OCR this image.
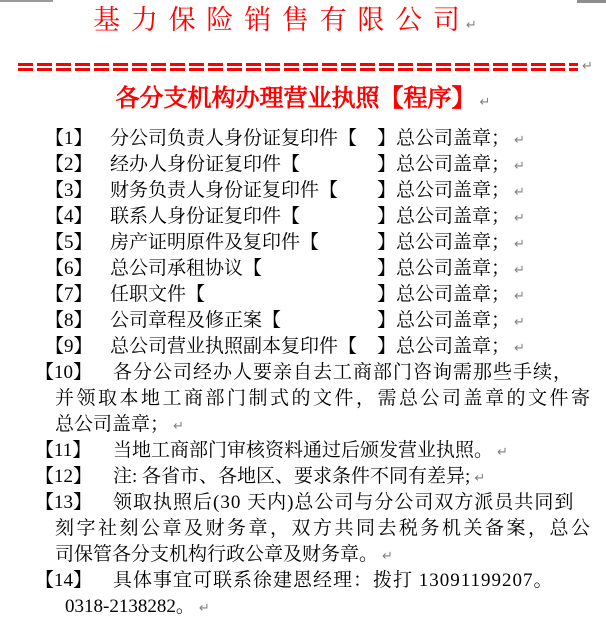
基 力 保 险 销 售 有 限 公 司 ↵
↵
各分支机构办理营业执照【程序】 ↵
【1】 分公司负责人身份证复印件【 】总公司盖章； ↵
【2】 经办人身份证复印件【	】总公司盖章； ↵
【3】 财务负责人身份证复印件【 】总公司盖章； ↵
【4】 联系人身份证复印件【	】总公司盖章； ↵
【5】 房产证明原件及复印件【	】总公司盖章； ↵
【6】 总公司承租协议【	】总公司盖章； ↵
【7】 任职文件【	】总公司盖章； ↵
【8】 公司章程及修正案【	】总公司盖章； ↵
【9】 总公司营业执照副本复印件【 】总公司盖章； ↵
【10】 各分公司经办人要亲自去工商部门咨询需那些手续，
并领取本地工商部门制式的文件，需总公司盖章的文件寄
总公司盖章； ↵
【11】 当地工商部门审核资料通过后颁发营业执照。 ↵
【12】 注: 各省市、各地区、要求条件不同有差异; ↵
【13】 领取执照后(30 天内)总公司与分公司双方派员共同到
刻字社刻公章及财务章，双方共同去税务机关备案，总公
司保管各分支机构行政公章及财务章。 ↵
【14】 具体事宜可联系徐建恩经理：拨打 13091199207。
0318-2138282。 ↵
